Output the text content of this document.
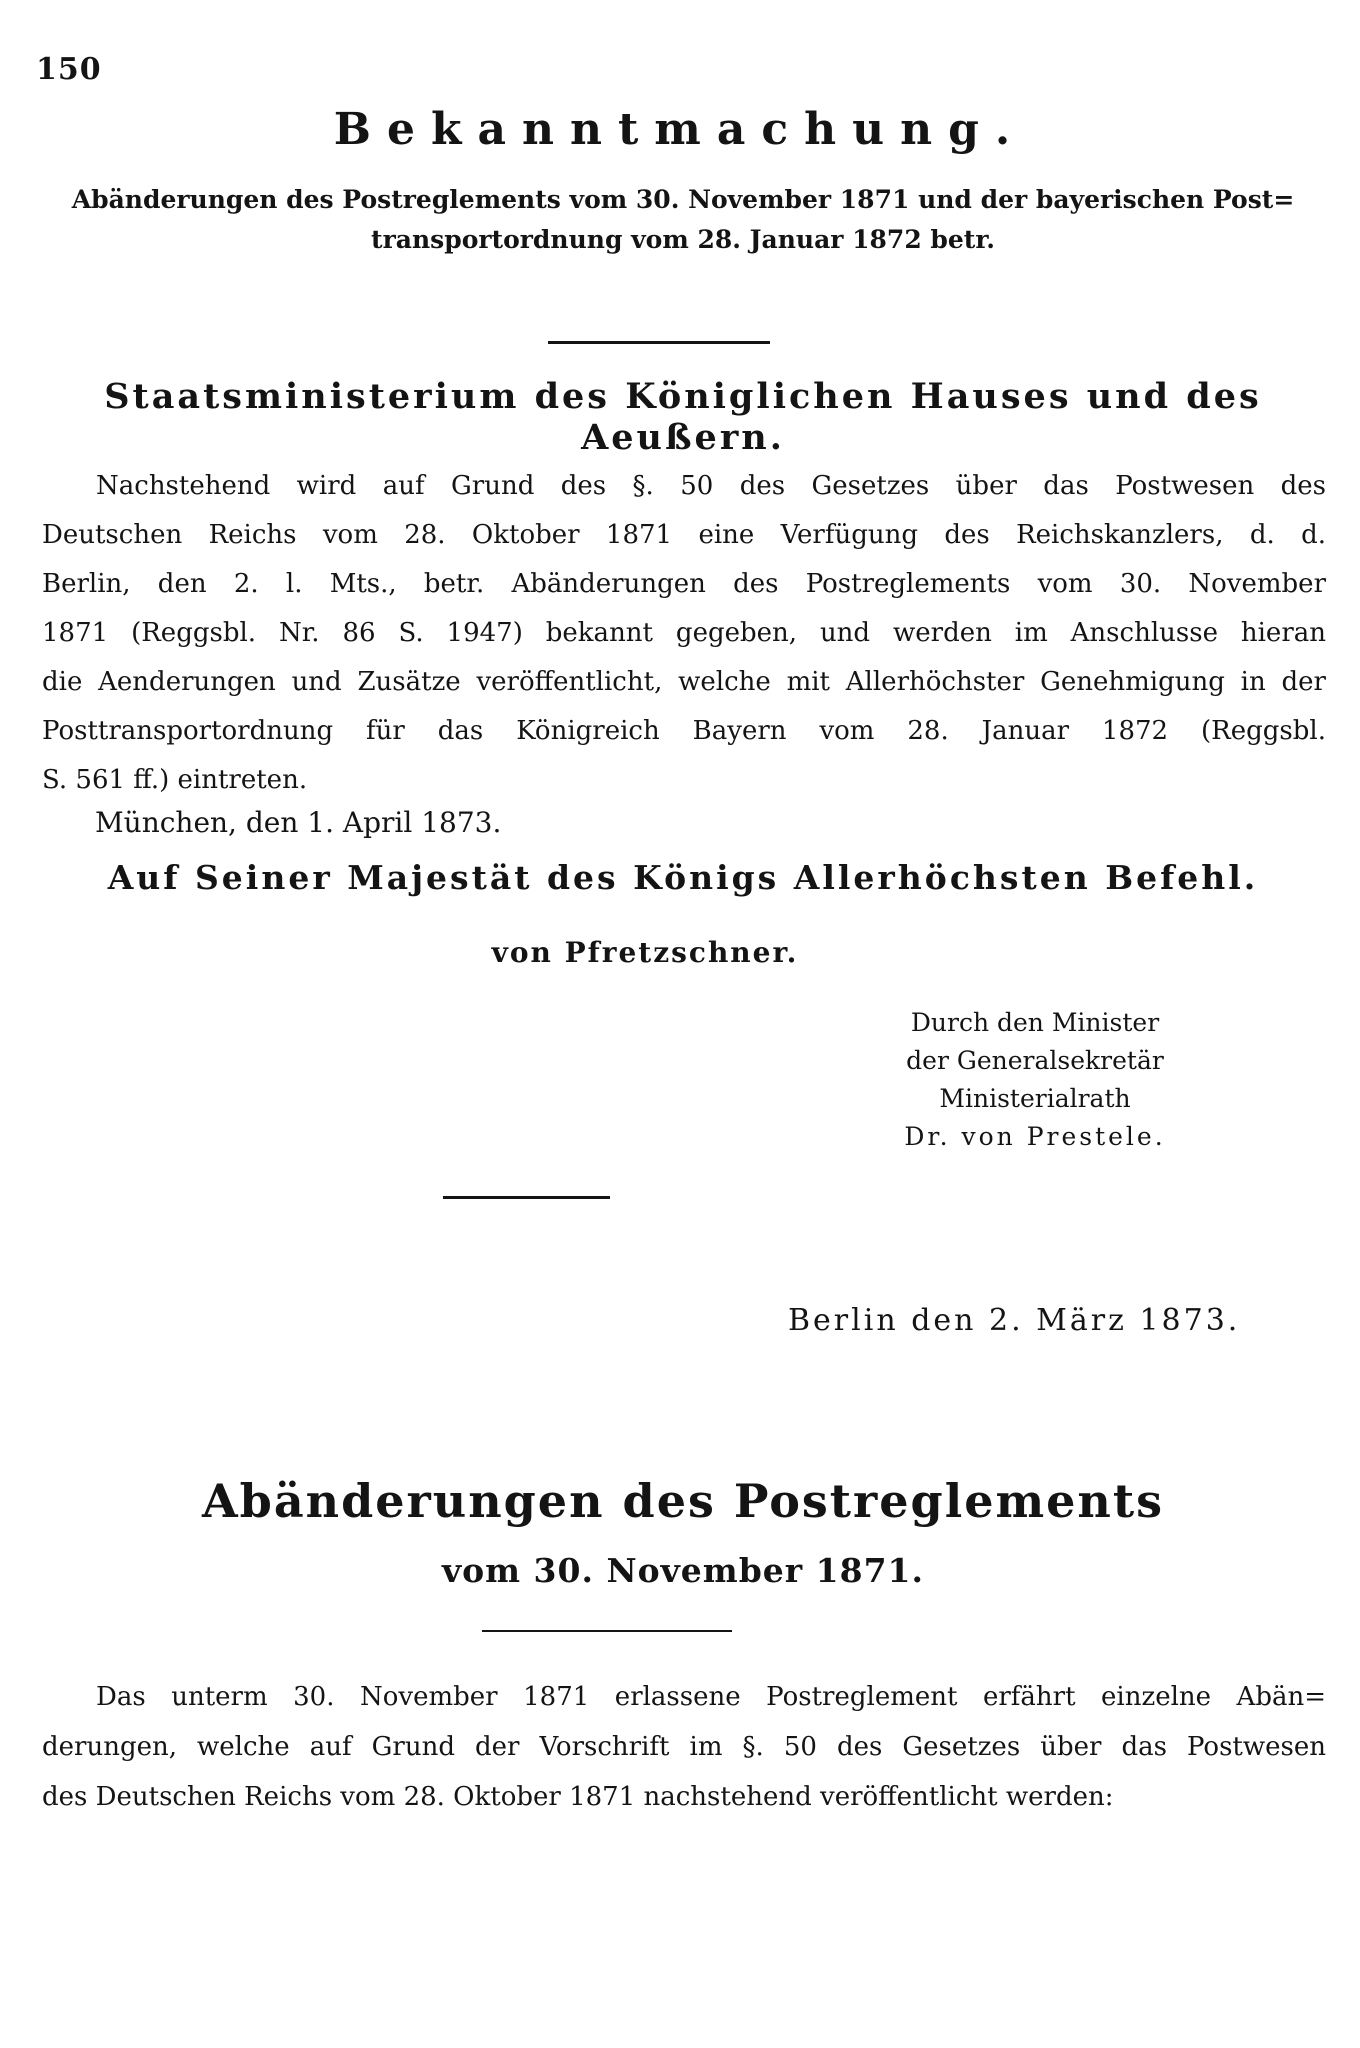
150
Bekanntmachung.
Abänderungen des Postreglements vom 30. November 1871 und der bayerischen Post=
transportordnung vom 28. Januar 1872 betr.
Staatsministerium des Königlichen Hauses und des Aeußern.
Nachstehend wird auf Grund des §. 50 des Gesetzes über das Postwesen des
Deutschen Reichs vom 28. Oktober 1871 eine Verfügung des Reichskanzlers, d. d.
Berlin, den 2. l. Mts., betr. Abänderungen des Postreglements vom 30. November
1871 (Reggsbl. Nr. 86 S. 1947) bekannt gegeben, und werden im Anschlusse hieran
die Aenderungen und Zusätze veröffentlicht, welche mit Allerhöchster Genehmigung in der
Posttransportordnung für das Königreich Bayern vom 28. Januar 1872 (Reggsbl.
S. 561 ff.) eintreten.
München, den 1. April 1873.
Auf Seiner Majestät des Königs Allerhöchsten Befehl.
von Pfretzschner.
Durch den Minister
der Generalsekretär
Ministerialrath
Dr. von Prestele.
Berlin den 2. März 1873.
Abänderungen des Postreglements
vom 30. November 1871.
Das unterm 30. November 1871 erlassene Postreglement erfährt einzelne Abän=
derungen, welche auf Grund der Vorschrift im §. 50 des Gesetzes über das Postwesen
des Deutschen Reichs vom 28. Oktober 1871 nachstehend veröffentlicht werden:
